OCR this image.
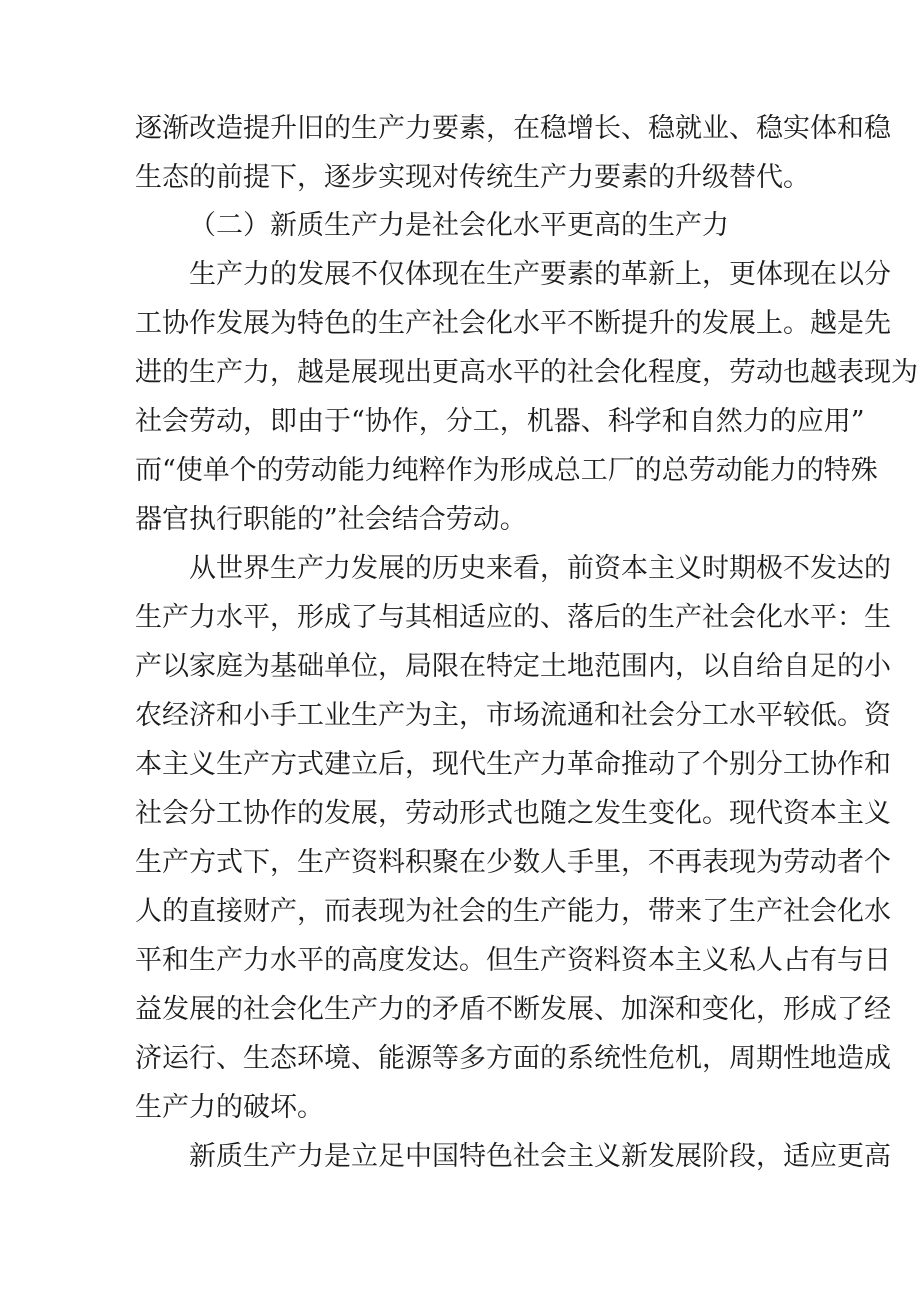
逐渐改造提升旧的生产力要素，在稳增长、稳就业、稳实体和稳
生态的前提下，逐步实现对传统生产力要素的升级替代。
（二）新质生产力是社会化水平更高的生产力
生产力的发展不仅体现在生产要素的革新上，更体现在以分
工协作发展为特色的生产社会化水平不断提升的发展上。越是先
进的生产力，越是展现出更高水平的社会化程度，劳动也越表现为
社会劳动，即由于“协作，分工，机器、科学和自然力的应用”
而“使单个的劳动能力纯粹作为形成总工厂的总劳动能力的特殊
器官执行职能的”社会结合劳动。
从世界生产力发展的历史来看，前资本主义时期极不发达的
生产力水平，形成了与其相适应的、落后的生产社会化水平：生
产以家庭为基础单位，局限在特定土地范围内，以自给自足的小
农经济和小手工业生产为主，市场流通和社会分工水平较低。资
本主义生产方式建立后，现代生产力革命推动了个别分工协作和
社会分工协作的发展，劳动形式也随之发生变化。现代资本主义
生产方式下，生产资料积聚在少数人手里，不再表现为劳动者个
人的直接财产，而表现为社会的生产能力，带来了生产社会化水
平和生产力水平的高度发达。但生产资料资本主义私人占有与日
益发展的社会化生产力的矛盾不断发展、加深和变化，形成了经
济运行、生态环境、能源等多方面的系统性危机，周期性地造成
生产力的破坏。
新质生产力是立足中国特色社会主义新发展阶段，适应更高
